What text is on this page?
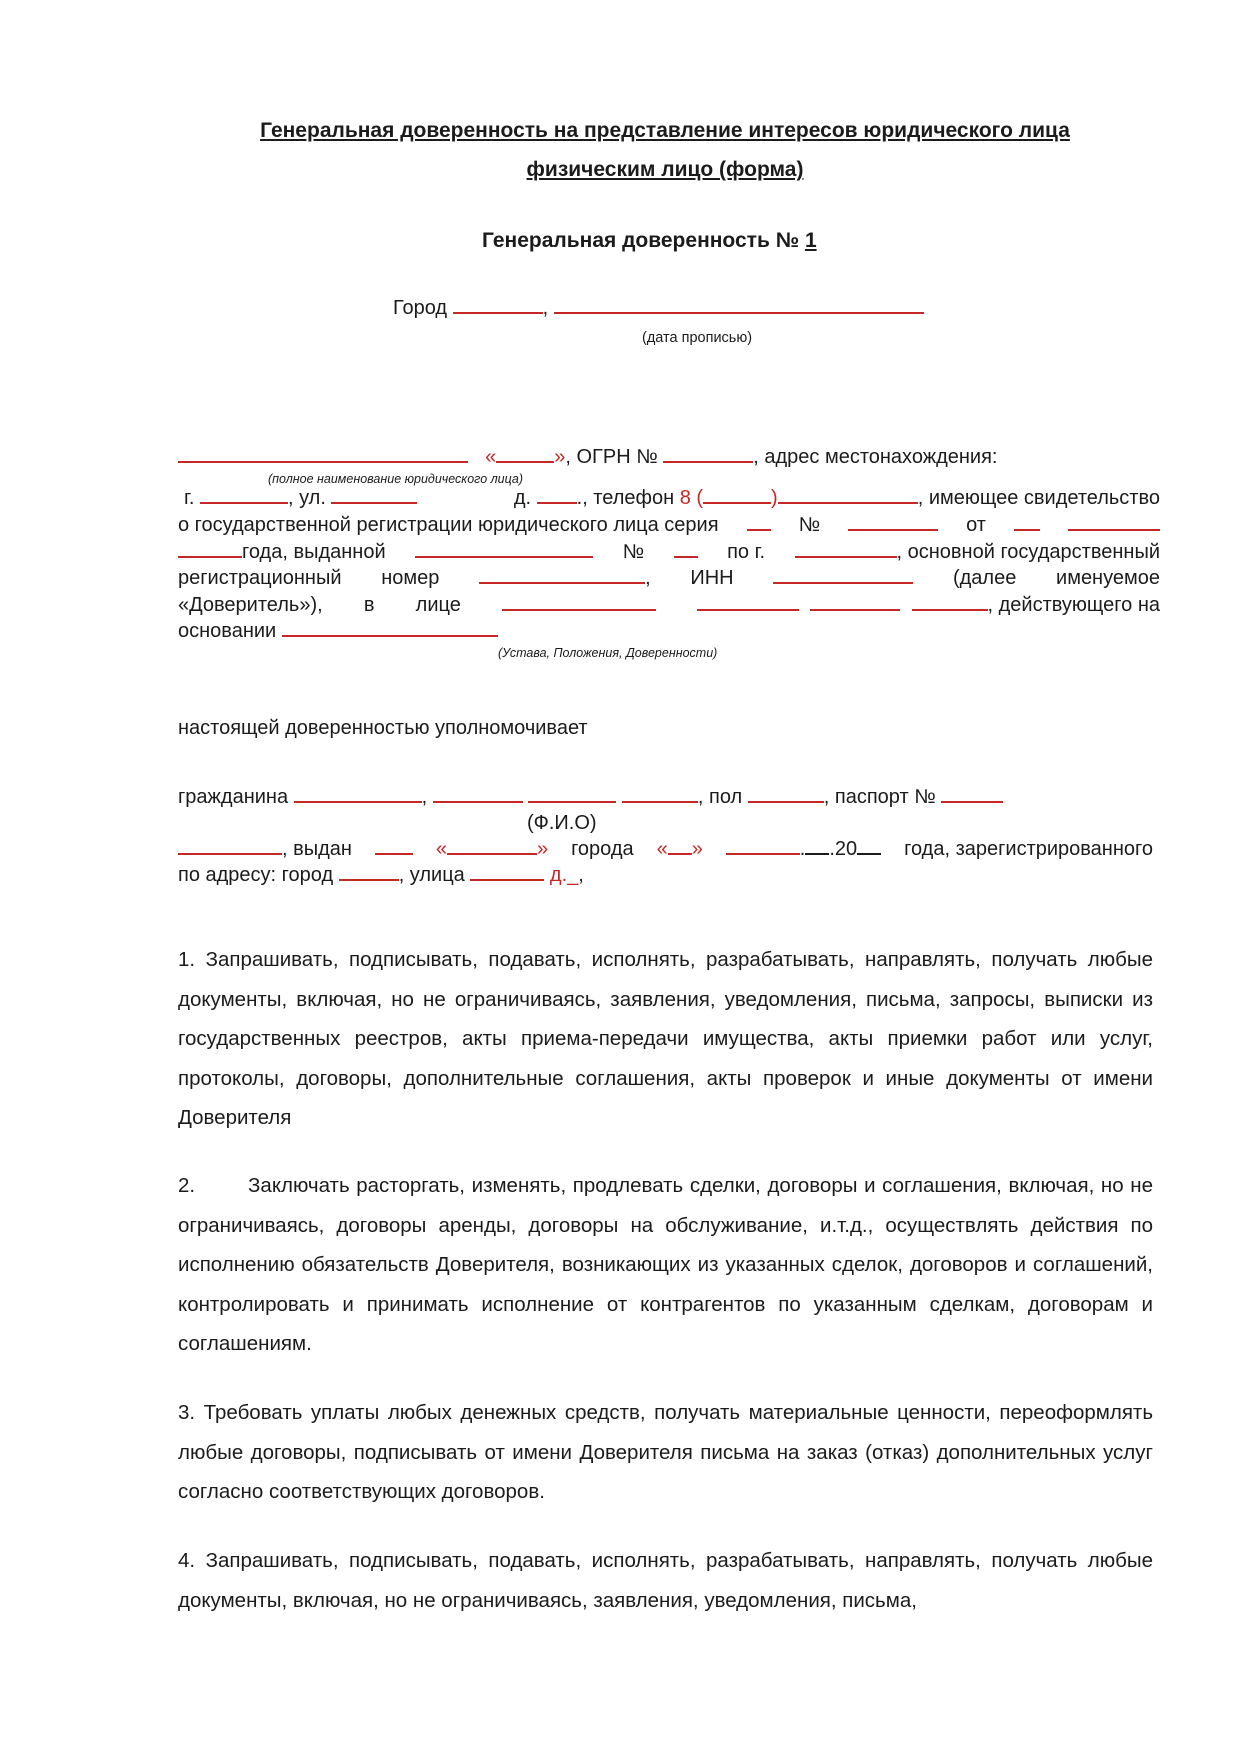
Генеральная доверенность на представление интересов юридического лица
физическим лицо (форма)
Генеральная доверенность № 1
Город	,
(дата прописью)
«	», ОГРН №	, адрес местонахождения:
(полное наименование юридического лица)
г.	, ул.	д. ., телефон 8 (	)	, имеющее свидетельство
о государственной регистрации юридического лица серия	№	от
года, выданной	№	по г.	, основной государственный
регистрационный номер	, ИНН	(далее именуемое
«Доверитель»), в лице	, действующего на
основании
(Устава, Положения, Доверенности)
настоящей доверенностью уполномочивает
гражданина	,	, пол	, паспорт №
(Ф.И.О)
, выдан	«	» города « »	. .20	года, зарегистрированного
по адресу: город	, улица	д._,
1. Запрашивать, подписывать, подавать, исполнять, разрабатывать, направлять, получать любые документы, включая, но не ограничиваясь, заявления, уведомления, письма, запросы, выписки из государственных реестров, акты приема-передачи имущества, акты приемки работ или услуг, протоколы, договоры, дополнительные соглашения, акты проверок и иные документы от имени Доверителя
2.        Заключать расторгать, изменять, продлевать сделки, договоры и соглашения, включая, но не ограничиваясь, договоры аренды, договоры на обслуживание, и.т.д., осуществлять действия по исполнению обязательств Доверителя, возникающих из указанных сделок, договоров и соглашений, контролировать и принимать исполнение от контрагентов по указанным сделкам, договорам и соглашениям.
3. Требовать уплаты любых денежных средств, получать материальные ценности, переоформлять любые договоры, подписывать от имени Доверителя письма на заказ (отказ) дополнительных услуг согласно соответствующих договоров.
4. Запрашивать, подписывать, подавать, исполнять, разрабатывать, направлять, получать любые документы, включая, но не ограничиваясь, заявления, уведомления, письма,
